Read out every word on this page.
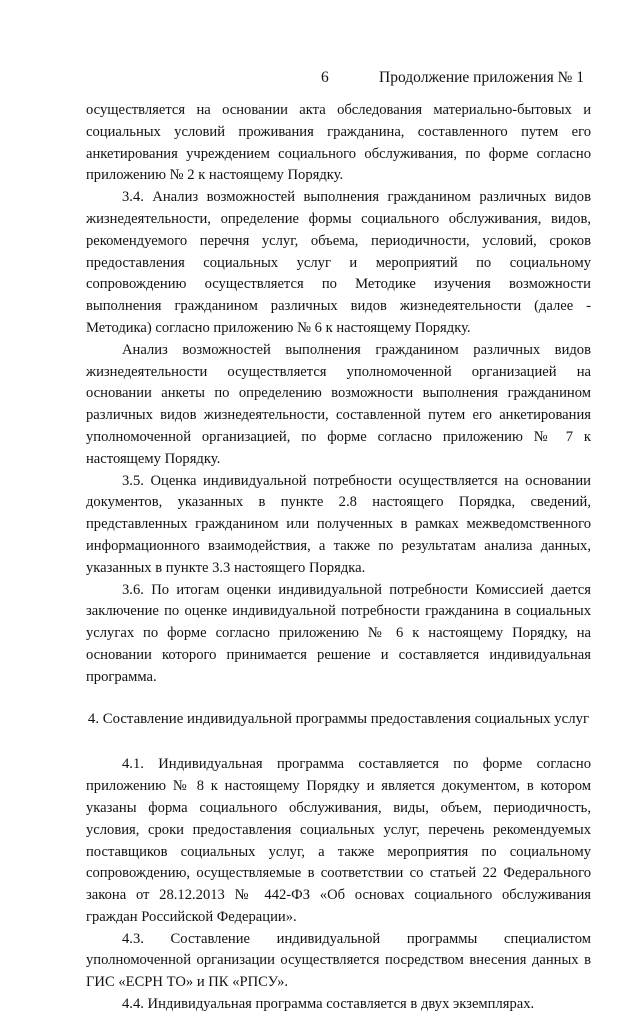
6	Продолжение приложения № 1

осуществляется на основании акта обследования материально-бытовых и социальных условий проживания гражданина, составленного путем его анкетирования учреждением социального обслуживания, по форме согласно приложению № 2 к настоящему Порядку.

3.4. Анализ возможностей выполнения гражданином различных видов жизнедеятельности, определение формы социального обслуживания, видов, рекомендуемого перечня услуг, объема, периодичности, условий, сроков предоставления социальных услуг и мероприятий по социальному сопровождению осуществляется по Методике изучения возможности выполнения гражданином различных видов жизнедеятельности (далее - Методика) согласно приложению № 6 к настоящему Порядку.

Анализ возможностей выполнения гражданином различных видов жизнедеятельности осуществляется уполномоченной организацией на основании анкеты по определению возможности выполнения гражданином различных видов жизнедеятельности, составленной путем его анкетирования уполномоченной организацией, по форме согласно приложению № 7 к настоящему Порядку.

3.5. Оценка индивидуальной потребности осуществляется на основании документов, указанных в пункте 2.8 настоящего Порядка, сведений, представленных гражданином или полученных в рамках межведомственного информационного взаимодействия, а также по результатам анализа данных, указанных в пункте 3.3 настоящего Порядка.

3.6. По итогам оценки индивидуальной потребности Комиссией дается заключение по оценке индивидуальной потребности гражданина в социальных услугах по форме согласно приложению № 6 к настоящему Порядку, на основании которого принимается решение и составляется индивидуальная программа.

4. Составление индивидуальной программы предоставления социальных услуг

4.1. Индивидуальная программа составляется по форме согласно приложению № 8 к настоящему Порядку и является документом, в котором указаны форма социального обслуживания, виды, объем, периодичность, условия, сроки предоставления социальных услуг, перечень рекомендуемых поставщиков социальных услуг, а также мероприятия по социальному сопровождению, осуществляемые в соответствии со статьей 22 Федерального закона от 28.12.2013 № 442-ФЗ «Об основах социального обслуживания граждан Российской Федерации».

4.3. Составление индивидуальной программы специалистом уполномоченной организации осуществляется посредством внесения данных в ГИС «ЕСРН ТО» и ПК «РПСУ».

4.4. Индивидуальная программа составляется в двух экземплярах.
